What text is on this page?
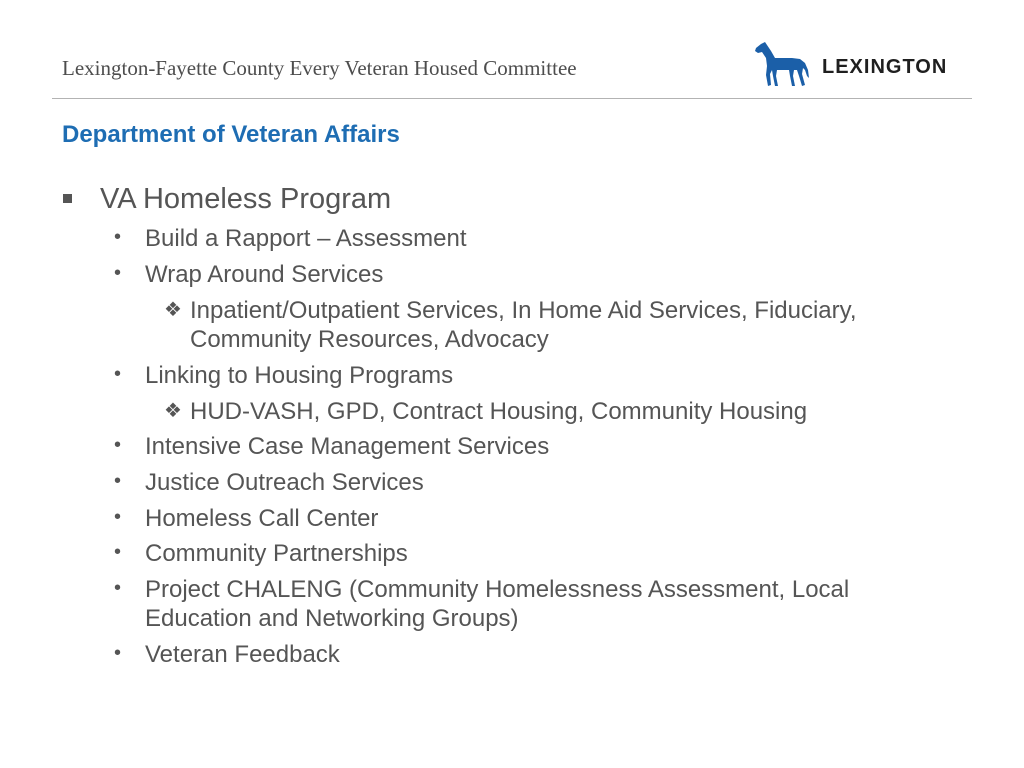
Lexington-Fayette County Every Veteran Housed Committee	LEXINGTON
Department of Veteran Affairs
VA Homeless Program
• Build a Rapport – Assessment
• Wrap Around Services
❖ Inpatient/Outpatient Services, In Home Aid Services, Fiduciary,
Community Resources, Advocacy
• Linking to Housing Programs
❖ HUD-VASH, GPD, Contract Housing, Community Housing
• Intensive Case Management Services
• Justice Outreach Services
• Homeless Call Center
• Community Partnerships
• Project CHALENG (Community Homelessness Assessment, Local
Education and Networking Groups)
• Veteran Feedback
